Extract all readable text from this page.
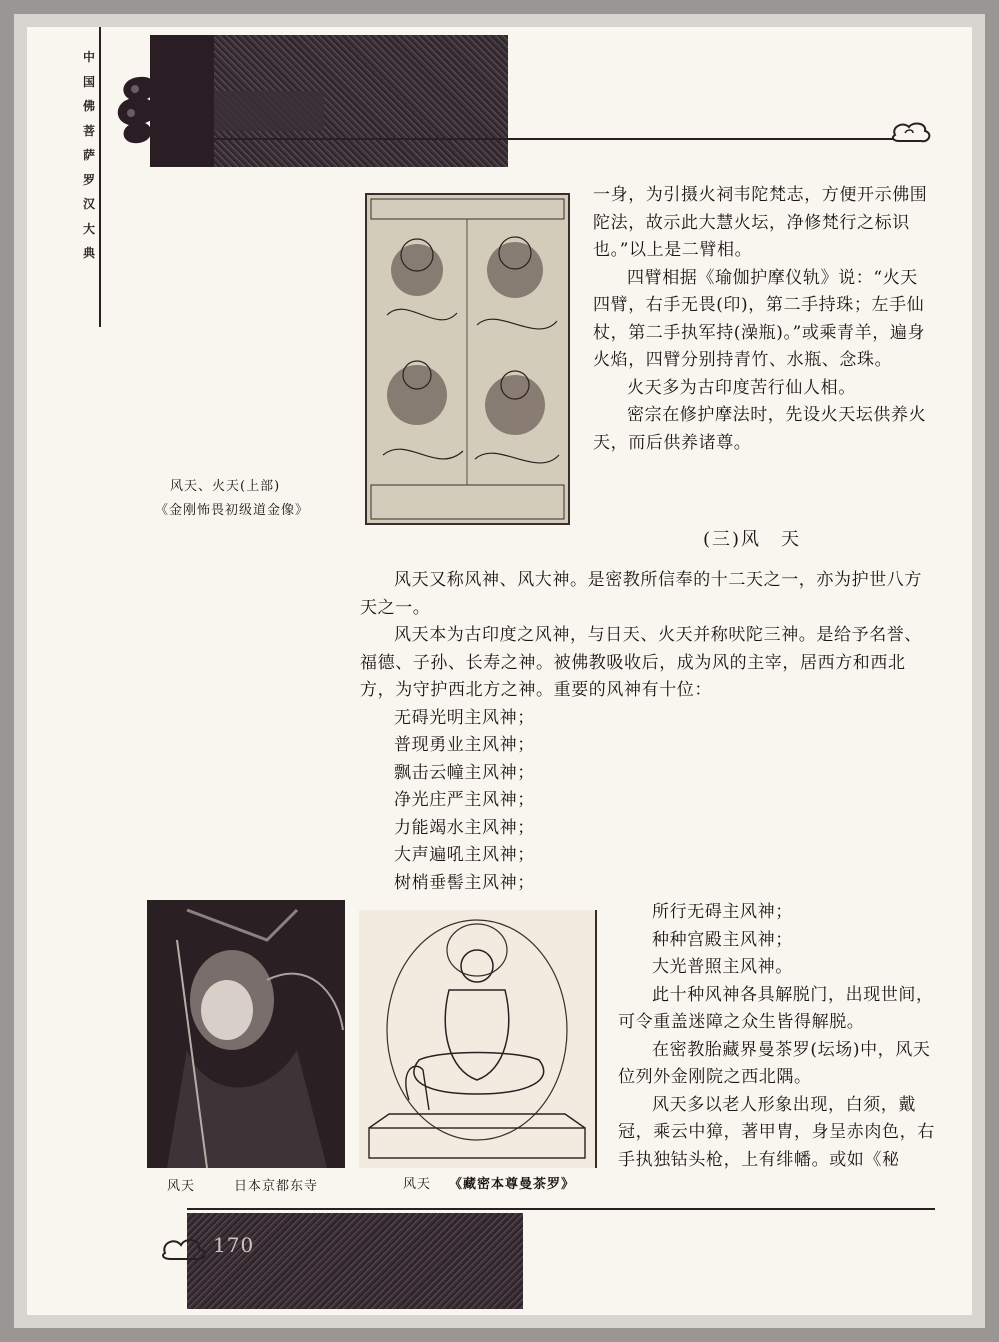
中
国
佛
菩
萨
罗
汉
大
典
风天、火天(上部)
《金刚怖畏初级道金像》

一身，为引摄火祠韦陀梵志，方便开示佛围陀法，故示此大慧火坛，净修梵行之标识也。”以上是二臂相。

四臂相据《瑜伽护摩仪轨》说：“火天四臂，右手无畏(印)，第二手持珠；左手仙杖，第二手执军持(澡瓶)。”或乘青羊，遍身火焰，四臂分别持青竹、水瓶、念珠。

火天多为古印度苦行仙人相。

密宗在修护摩法时，先设火天坛供养火天，而后供养诸尊。

(三)风　天

风天又称风神、风大神。是密教所信奉的十二天之一，亦为护世八方天之一。

风天本为古印度之风神，与日天、火天并称吠陀三神。是给予名誉、福德、子孙、长寿之神。被佛教吸收后，成为风的主宰，居西方和西北方，为守护西北方之神。重要的风神有十位：

无碍光明主风神；

普现勇业主风神；

飘击云幢主风神；

净光庄严主风神；

力能竭水主风神；

大声遍吼主风神；

树梢垂髻主风神；

风天	日本京都东寺	风天 《藏密本尊曼茶罗》

所行无碍主风神；

种种宫殿主风神；

大光普照主风神。

此十种风神各具解脱门，出现世间，可令重盖迷障之众生皆得解脱。

在密教胎藏界曼茶罗(坛场)中，风天位列外金刚院之西北隅。

风天多以老人形象出现，白须，戴冠，乘云中獐，著甲胄，身呈赤肉色，右手执独钴头枪，上有绯幡。或如《秘

170
